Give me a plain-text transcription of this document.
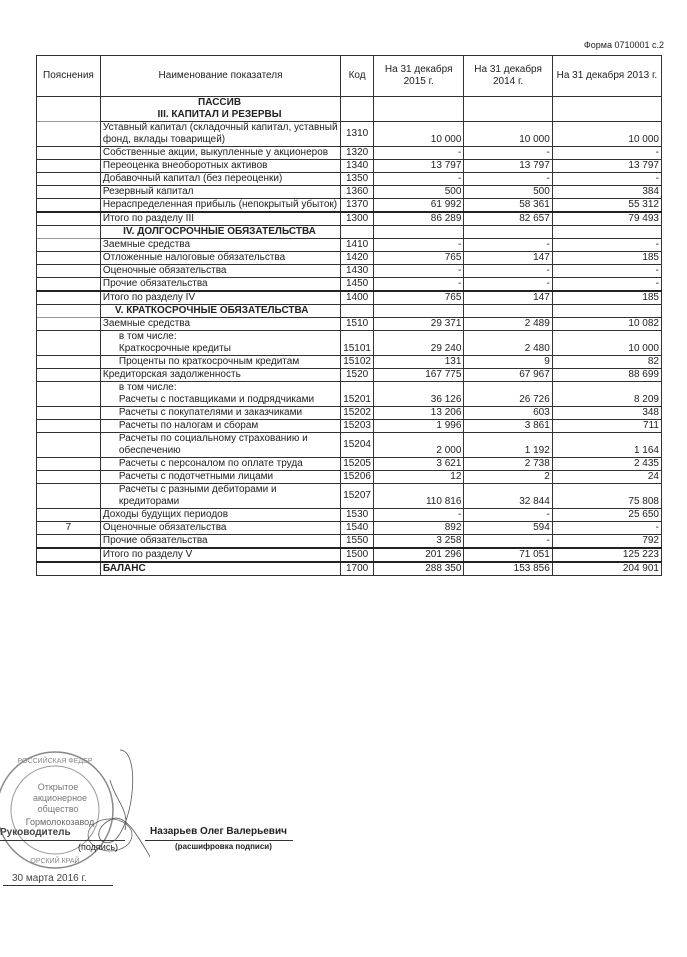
Форма 0710001 с.2
Пояснения	Наименование показателя	Код	На 31 декабря 2015 г.	На 31 декабря 2014 г.	На 31 декабря 2013 г.
	ПАССИВ				
	III. КАПИТАЛ И РЕЗЕРВЫ				
	Уставный капитал (складочный капитал, уставный фонд, вклады товарищей)	1310	10 000	10 000	10 000
	Собственные акции, выкупленные у акционеров	1320	-	-	-
	Переоценка внеоборотных активов	1340	13 797	13 797	13 797
	Добавочный капитал (без переоценки)	1350	-	-	-
	Резервный капитал	1360	500	500	384
	Нераспределенная прибыль (непокрытый убыток)	1370	61 992	58 361	55 312
	Итого по разделу III	1300	86 289	82 657	79 493
	IV. ДОЛГОСРОЧНЫЕ ОБЯЗАТЕЛЬСТВА				
	Заемные средства	1410	-	-	-
	Отложенные налоговые обязательства	1420	765	147	185
	Оценочные обязательства	1430	-	-	-
	Прочие обязательства	1450	-	-	-
	Итого по разделу IV	1400	765	147	185
	V. КРАТКОСРОЧНЫЕ ОБЯЗАТЕЛЬСТВА				
	Заемные средства	1510	29 371	2 489	10 082
	в том числе:				
	Краткосрочные кредиты	15101	29 240	2 480	10 000
	Проценты по краткосрочным кредитам	15102	131	9	82
	Кредиторская задолженность	1520	167 775	67 967	88 699
	в том числе:				
	Расчеты с поставщиками и подрядчиками	15201	36 126	26 726	8 209
	Расчеты с покупателями и заказчиками	15202	13 206	603	348
	Расчеты по налогам и сборам	15203	1 996	3 861	711
	Расчеты по социальному страхованию и обеспечению	15204	2 000	1 192	1 164
	Расчеты с персоналом по оплате труда	15205	3 621	2 738	2 435
	Расчеты с подотчетными лицами	15206	12	2	24
	Расчеты с разными дебиторами и кредиторами	15207	110 816	32 844	75 808
	Доходы будущих периодов	1530	-	-	25 650
7	Оценочные обязательства	1540	892	594	-
	Прочие обязательства	1550	3 258	-	792
	Итого по разделу V	1500	201 296	71 051	125 223
	БАЛАНС	1700	288 350	153 856	204 901
Открытое
акционерное
общество
Гормолокозавод
РОССИЙСКАЯ ФЕДЕР
ОРСКИЙ КРАЙ
Руководитель
(подпись)
Назарьев Олег Валерьевич
(расшифровка подписи)
30 марта 2016 г.
